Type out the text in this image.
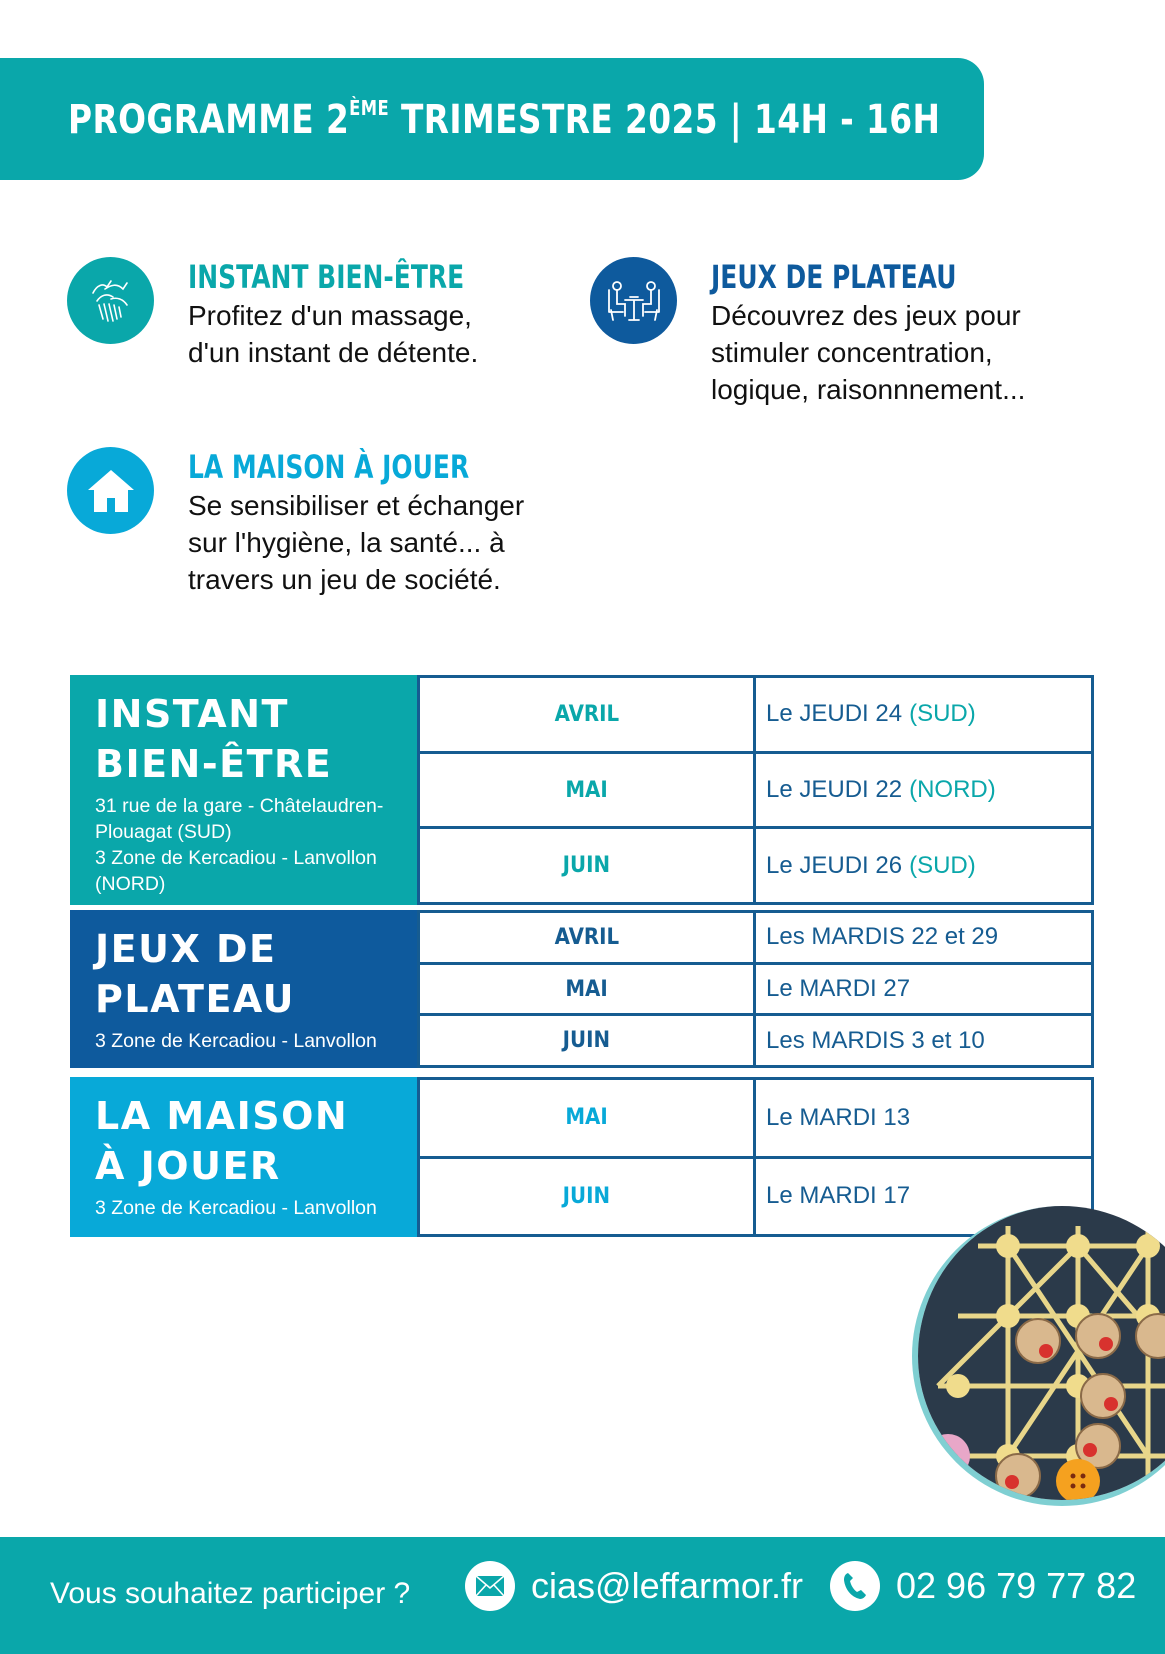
PROGRAMME 2ÈME TRIMESTRE 2025 | 14H - 16H
INSTANT BIEN-ÊTRE
Profitez d'un massage,
d'un instant de détente.
JEUX DE PLATEAU
Découvrez des jeux pour
stimuler concentration,
logique, raisonnnement...
LA MAISON À JOUER
Se sensibiliser et échanger
sur l'hygiène, la santé... à
travers un jeu de société.
INSTANT
BIEN-ÊTRE
31 rue de la gare - Châtelaudren-
Plouagat (SUD)
3 Zone de Kercadiou - Lanvollon
(NORD)
AVRIL	Le JEUDI 24 (SUD)
MAI	Le JEUDI 22 (NORD)
JUIN	Le JEUDI 26 (SUD)
JEUX DE
PLATEAU
3 Zone de Kercadiou - Lanvollon
AVRIL	Les MARDIS 22 et 29
MAI	Le MARDI 27
JUIN	Les MARDIS 3 et 10
LA MAISON
À JOUER
3 Zone de Kercadiou - Lanvollon
MAI	Le MARDI 13
JUIN	Le MARDI 17
Vous souhaitez participer ?	cias@leffarmor.fr	02 96 79 77 82
